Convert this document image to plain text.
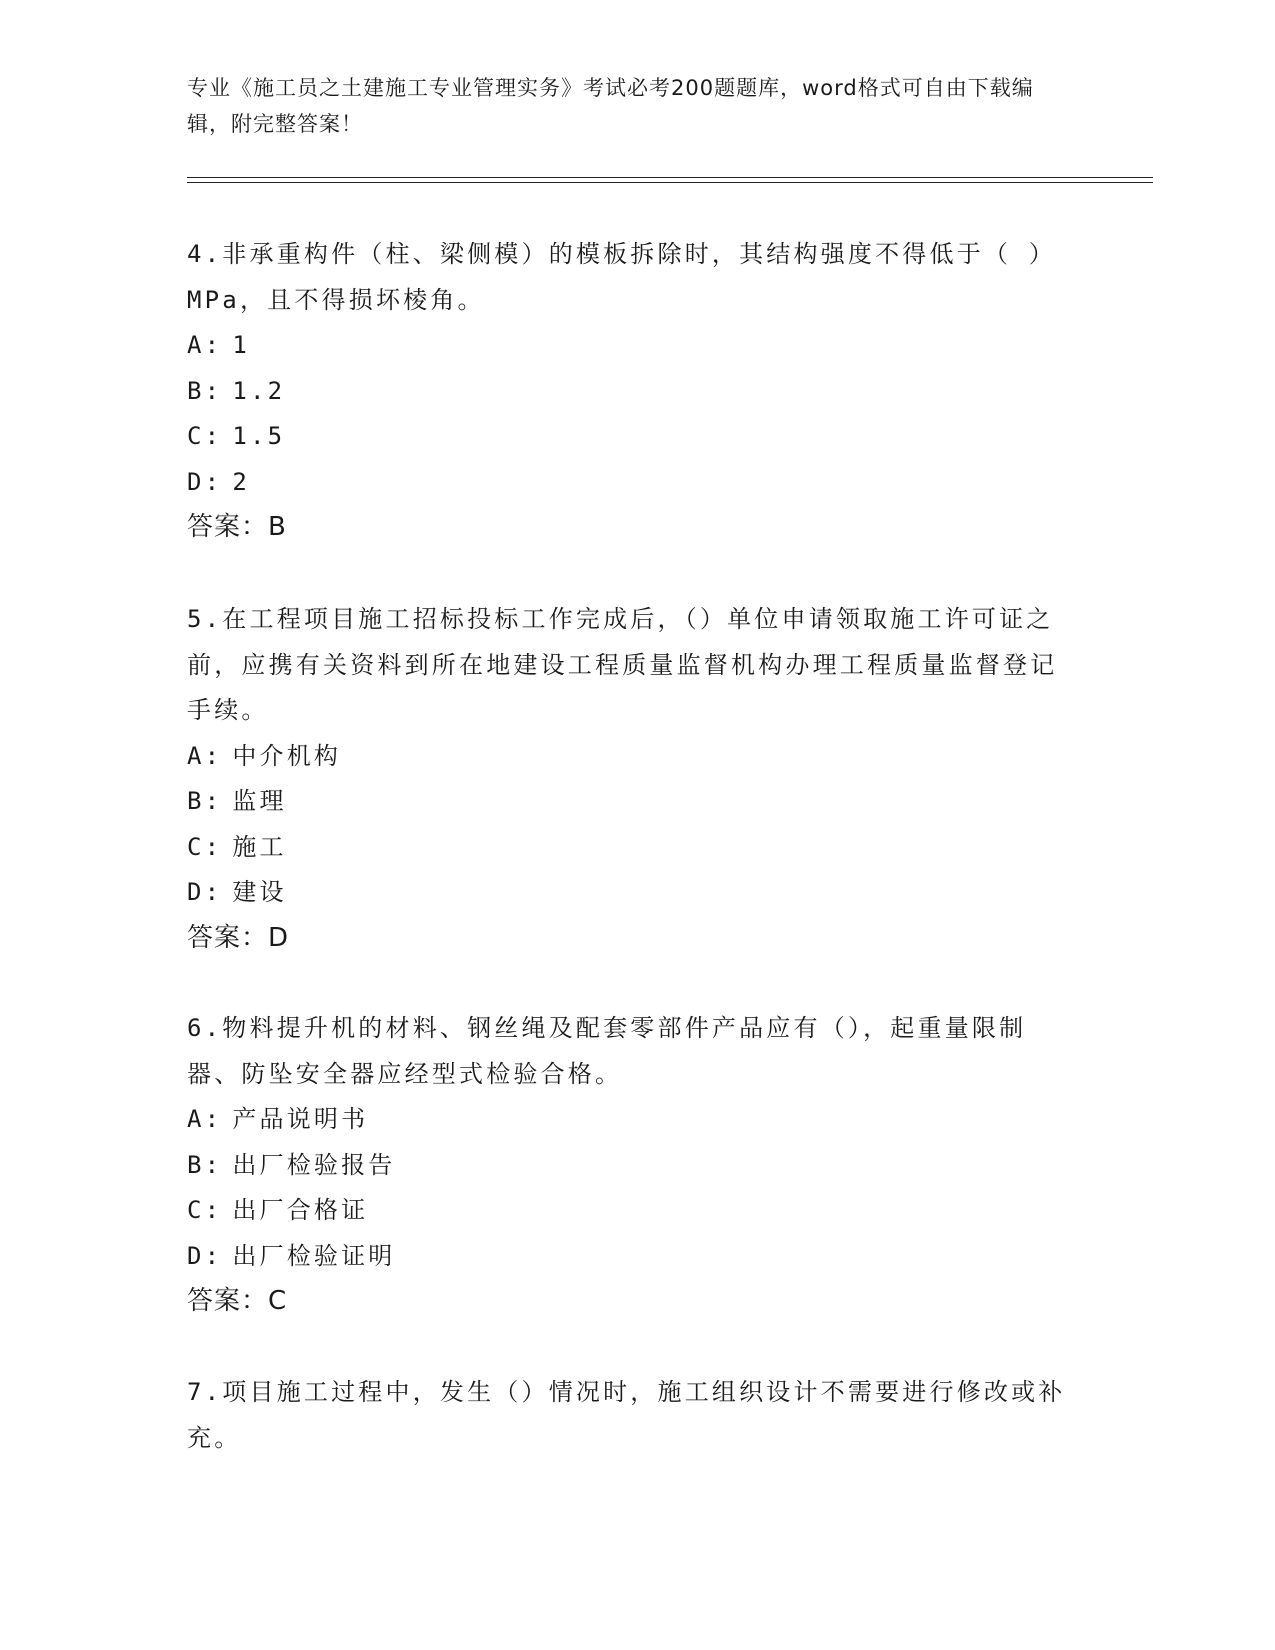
专业《施工员之土建施工专业管理实务》考试必考200题题库，word格式可自由下载编辑，附完整答案！

4.非承重构件（柱、梁侧模）的模板拆除时，其结构强度不得低于（ ）MPa，且不得损坏棱角。

A: 1

B: 1.2

C: 1.5

D: 2

答案：B

5.在工程项目施工招标投标工作完成后，（）单位申请领取施工许可证之前，应携有关资料到所在地建设工程质量监督机构办理工程质量监督登记手续。

A: 中介机构

B: 监理

C: 施工

D: 建设

答案：D

6.物料提升机的材料、钢丝绳及配套零部件产品应有（），起重量限制器、防坠安全器应经型式检验合格。

A: 产品说明书

B: 出厂检验报告

C: 出厂合格证

D: 出厂检验证明

答案：C

7.项目施工过程中，发生（）情况时，施工组织设计不需要进行修改或补充。
